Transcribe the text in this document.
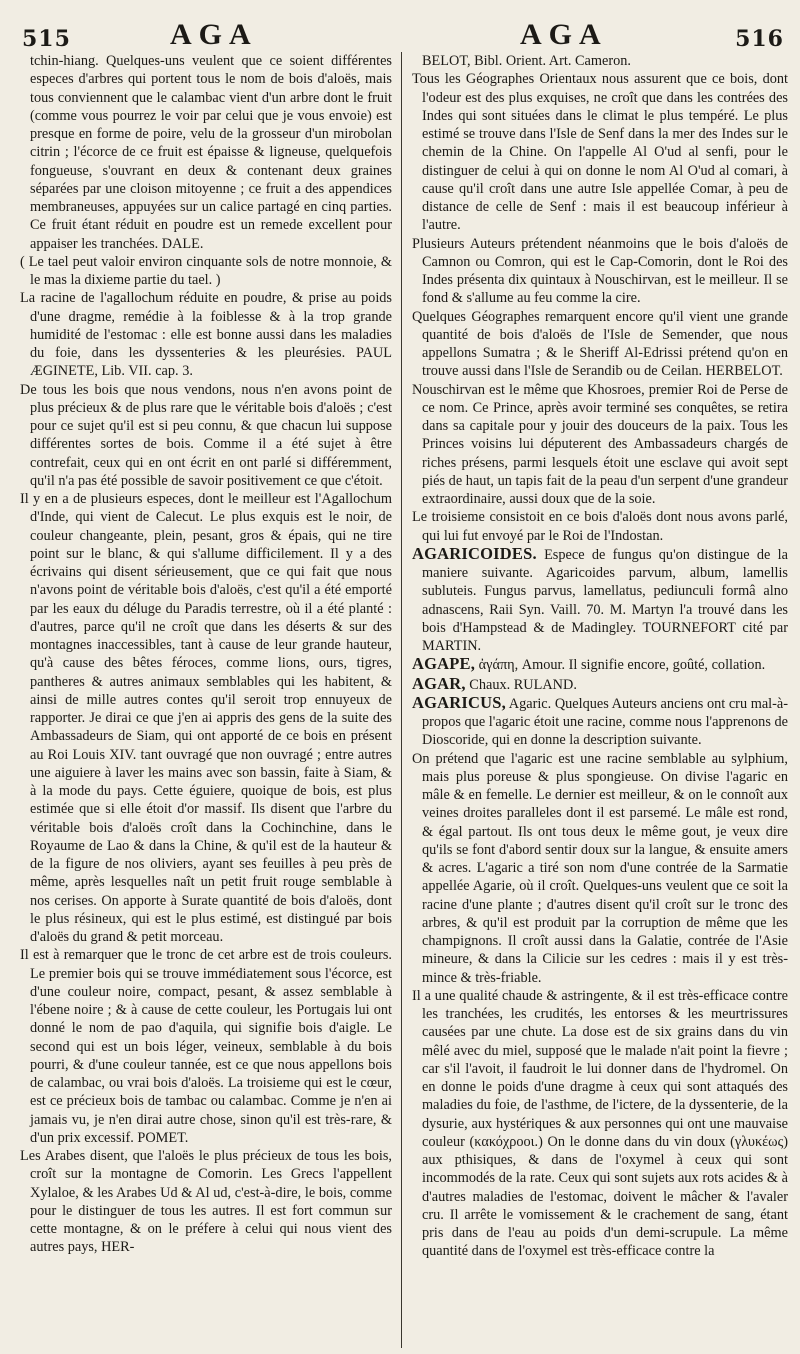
515	AGA	AGA	516

tchin-hiang. Quelques-uns veulent que ce soient différentes especes d'arbres qui portent tous le nom de bois d'aloës, mais tous conviennent que le calambac vient d'un arbre dont le fruit (comme vous pourrez le voir par celui que je vous envoie) est presque en forme de poire, velu de la grosseur d'un mirobolan citrin ; l'écorce de ce fruit est épaisse & ligneuse, quelquefois fongueuse, s'ouvrant en deux & contenant deux graines séparées par une cloison mitoyenne ; ce fruit a des appendices membraneuses, appuyées sur un calice partagé en cinq parties. Ce fruit étant réduit en poudre est un remede excellent pour appaiser les tranchées. DALE.

( Le tael peut valoir environ cinquante sols de notre monnoie, & le mas la dixieme partie du tael. )

La racine de l'agallochum réduite en poudre, & prise au poids d'une dragme, remédie à la foiblesse & à la trop grande humidité de l'estomac : elle est bonne aussi dans les maladies du foie, dans les dyssenteries & les pleurésies. PAUL ÆGINETE, Lib. VII. cap. 3.

De tous les bois que nous vendons, nous n'en avons point de plus précieux & de plus rare que le véritable bois d'aloës ; c'est pour ce sujet qu'il est si peu connu, & que chacun lui suppose différentes sortes de bois. Comme il a été sujet à être contrefait, ceux qui en ont écrit en ont parlé si différemment, qu'il n'a pas été possible de savoir positivement ce que c'étoit.

Il y en a de plusieurs especes, dont le meilleur est l'Agallochum d'Inde, qui vient de Calecut. Le plus exquis est le noir, de couleur changeante, plein, pesant, gros & épais, qui ne tire point sur le blanc, & qui s'allume difficilement. Il y a des écrivains qui disent sérieusement, que ce qui fait que nous n'avons point de véritable bois d'aloës, c'est qu'il a été emporté par les eaux du déluge du Paradis terrestre, où il a été planté : d'autres, parce qu'il ne croît que dans les déserts & sur des montagnes inaccessibles, tant à cause de leur grande hauteur, qu'à cause des bêtes féroces, comme lions, ours, tigres, pantheres & autres animaux semblables qui les habitent, & ainsi de mille autres contes qu'il seroit trop ennuyeux de rapporter. Je dirai ce que j'en ai appris des gens de la suite des Ambassadeurs de Siam, qui ont apporté de ce bois en présent au Roi Louis XIV. tant ouvragé que non ouvragé ; entre autres une aiguiere à laver les mains avec son bassin, faite à Siam, & à la mode du pays. Cette éguiere, quoique de bois, est plus estimée que si elle étoit d'or massif. Ils disent que l'arbre du véritable bois d'aloës croît dans la Cochinchine, dans le Royaume de Lao & dans la Chine, & qu'il est de la hauteur & de la figure de nos oliviers, ayant ses feuilles à peu près de même, après lesquelles naît un petit fruit rouge semblable à nos cerises. On apporte à Surate quantité de bois d'aloës, dont le plus résineux, qui est le plus estimé, est distingué par bois d'aloës du grand & petit morceau.

Il est à remarquer que le tronc de cet arbre est de trois couleurs. Le premier bois qui se trouve immédiatement sous l'écorce, est d'une couleur noire, compact, pesant, & assez semblable à l'ébene noire ; & à cause de cette couleur, les Portugais lui ont donné le nom de pao d'aquila, qui signifie bois d'aigle. Le second qui est un bois léger, veineux, semblable à du bois pourri, & d'une couleur tannée, est ce que nous appellons bois de calambac, ou vrai bois d'aloës. La troisieme qui est le cœur, est ce précieux bois de tambac ou calambac. Comme je n'en ai jamais vu, je n'en dirai autre chose, sinon qu'il est très-rare, & d'un prix excessif. POMET.

Les Arabes disent, que l'aloës le plus précieux de tous les bois, croît sur la montagne de Comorin. Les Grecs l'appellent Xylaloe, & les Arabes Ud & Al ud, c'est-à-dire, le bois, comme pour le distinguer de tous les autres. Il est fort commun sur cette montagne, & on le préfere à celui qui nous vient des autres pays, HER-

BELOT, Bibl. Orient. Art. Cameron.

Tous les Géographes Orientaux nous assurent que ce bois, dont l'odeur est des plus exquises, ne croît que dans les contrées des Indes qui sont situées dans le climat le plus tempéré. Le plus estimé se trouve dans l'Isle de Senf dans la mer des Indes sur le chemin de la Chine. On l'appelle Al O'ud al senfi, pour le distinguer de celui à qui on donne le nom Al O'ud al comari, à cause qu'il croît dans une autre Isle appellée Comar, à peu de distance de celle de Senf : mais il est beaucoup inférieur à l'autre.

Plusieurs Auteurs prétendent néanmoins que le bois d'aloës de Camnon ou Comron, qui est le Cap-Comorin, dont le Roi des Indes présenta dix quintaux à Nouschirvan, est le meilleur. Il se fond & s'allume au feu comme la cire.

Quelques Géographes remarquent encore qu'il vient une grande quantité de bois d'aloës de l'Isle de Semender, que nous appellons Sumatra ; & le Sheriff Al-Edrissi prétend qu'on en trouve aussi dans l'Isle de Serandib ou de Ceilan. HERBELOT.

Nouschirvan est le même que Khosroes, premier Roi de Perse de ce nom. Ce Prince, après avoir terminé ses conquêtes, se retira dans sa capitale pour y jouir des douceurs de la paix. Tous les Princes voisins lui députerent des Ambassadeurs chargés de riches présens, parmi lesquels étoit une esclave qui avoit sept piés de haut, un tapis fait de la peau d'un serpent d'une grandeur extraordinaire, aussi doux que de la soie.

Le troisieme consistoit en ce bois d'aloës dont nous avons parlé, qui lui fut envoyé par le Roi de l'Indostan.

AGARICOIDES. Espece de fungus qu'on distingue de la maniere suivante. Agaricoides parvum, album, lamellis subluteis. Fungus parvus, lamellatus, pediunculi formâ alno adnascens, Raii Syn. Vaill. 70. M. Martyn l'a trouvé dans les bois d'Hampstead & de Madingley. TOURNEFORT cité par MARTIN.

AGAPE, ἀγάπη, Amour. Il signifie encore, goûté, collation.

AGAR, Chaux. RULAND.

AGARICUS, Agaric. Quelques Auteurs anciens ont cru mal-à-propos que l'agaric étoit une racine, comme nous l'apprenons de Dioscoride, qui en donne la description suivante.

On prétend que l'agaric est une racine semblable au sylphium, mais plus poreuse & plus spongieuse. On divise l'agaric en mâle & en femelle. Le dernier est meilleur, & on le connoît aux veines droites paralleles dont il est parsemé. Le mâle est rond, & égal partout. Ils ont tous deux le même gout, je veux dire qu'ils se font d'abord sentir doux sur la langue, & ensuite amers & acres. L'agaric a tiré son nom d'une contrée de la Sarmatie appellée Agarie, où il croît. Quelques-uns veulent que ce soit la racine d'une plante ; d'autres disent qu'il croît sur le tronc des arbres, & qu'il est produit par la corruption de même que les champignons. Il croît aussi dans la Galatie, contrée de l'Asie mineure, & dans la Cilicie sur les cedres : mais il y est très-mince & très-friable.

Il a une qualité chaude & astringente, & il est très-efficace contre les tranchées, les crudités, les entorses & les meurtrissures causées par une chute. La dose est de six grains dans du vin mêlé avec du miel, supposé que le malade n'ait point la fievre ; car s'il l'avoit, il faudroit le lui donner dans de l'hydromel. On en donne le poids d'une dragme à ceux qui sont attaqués des maladies du foie, de l'asthme, de l'ictere, de la dyssenterie, de la dysurie, aux hystériques & aux personnes qui ont une mauvaise couleur (κακόχροοι.) On le donne dans du vin doux (γλυκέως) aux pthisiques, & dans de l'oxymel à ceux qui sont incommodés de la rate. Ceux qui sont sujets aux rots acides & à d'autres maladies de l'estomac, doivent le mâcher & l'avaler cru. Il arrête le vomissement & le crachement de sang, étant pris dans de l'eau au poids d'un demi-scrupule. La même quantité dans de l'oxymel est très-efficace contre la
